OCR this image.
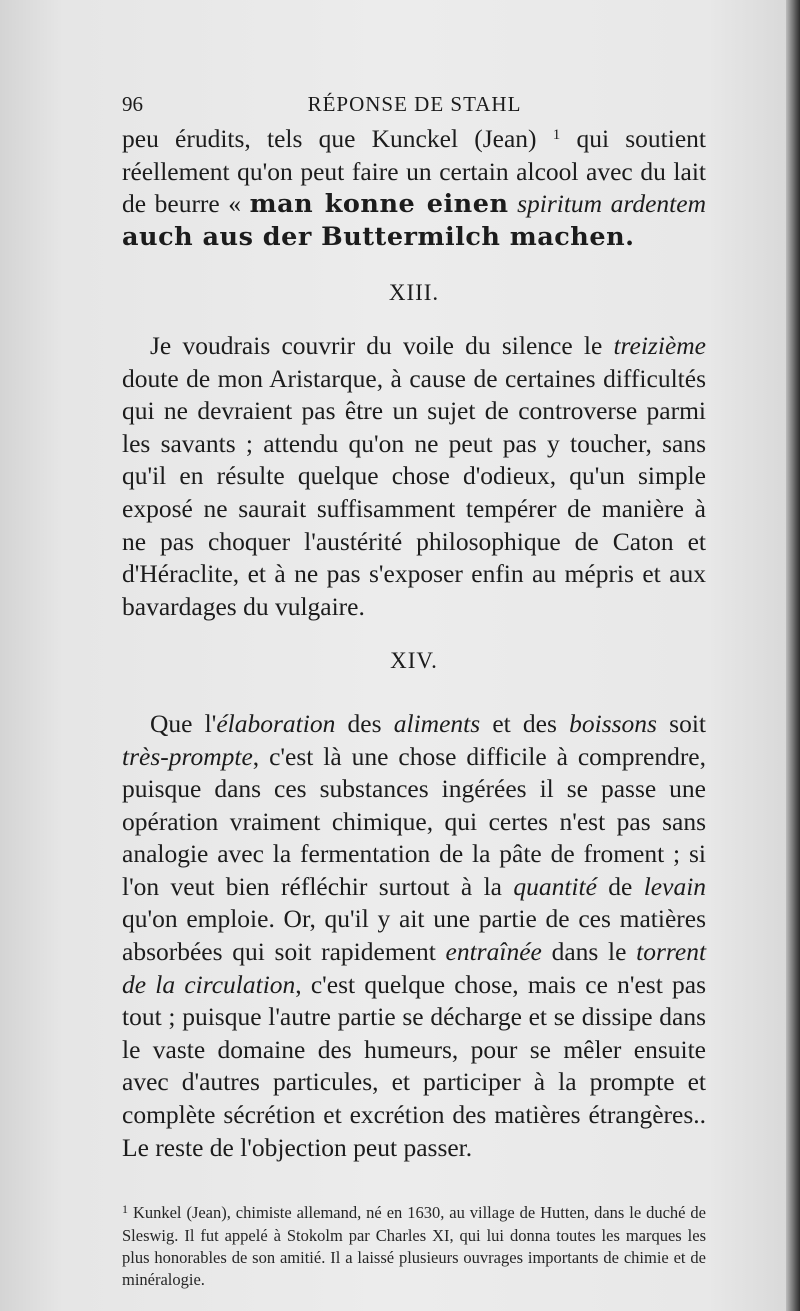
96	RÉPONSE DE STAHL

peu érudits, tels que Kunckel (Jean) $^1$ qui soutient réellement qu'on peut faire un certain alcool avec du lait de beurre « man konne einen spiritum ardentem auch aus der Buttermilch machen.

XIII.

Je voudrais couvrir du voile du silence le treizième doute de mon Aristarque, à cause de certaines difficultés qui ne devraient pas être un sujet de controverse parmi les savants ; attendu qu'on ne peut pas y toucher, sans qu'il en résulte quelque chose d'odieux, qu'un simple exposé ne saurait suffisamment tempérer de manière à ne pas choquer l'austérité philosophique de Caton et d'Héraclite, et à ne pas s'exposer enfin au mépris et aux bavardages du vulgaire.

XIV.

Que l'élaboration des aliments et des boissons soit très-prompte, c'est là une chose difficile à comprendre, puisque dans ces substances ingérées il se passe une opération vraiment chimique, qui certes n'est pas sans analogie avec la fermentation de la pâte de froment ; si l'on veut bien réfléchir surtout à la quantité de levain qu'on emploie. Or, qu'il y ait une partie de ces matières absorbées qui soit rapidement entraînée dans le torrent de la circulation, c'est quelque chose, mais ce n'est pas tout ; puisque l'autre partie se décharge et se dissipe dans le vaste domaine des humeurs, pour se mêler ensuite avec d'autres particules, et participer à la prompte et complète sécrétion et excrétion des matières étrangères.. Le reste de l'objection peut passer.

$^1$ Kunkel (Jean), chimiste allemand, né en 1630, au village de Hutten, dans le duché de Sleswig. Il fut appelé à Stokolm par Charles XI, qui lui donna toutes les marques les plus honorables de son amitié. Il a laissé plusieurs ouvrages importants de chimie et de minéralogie.
